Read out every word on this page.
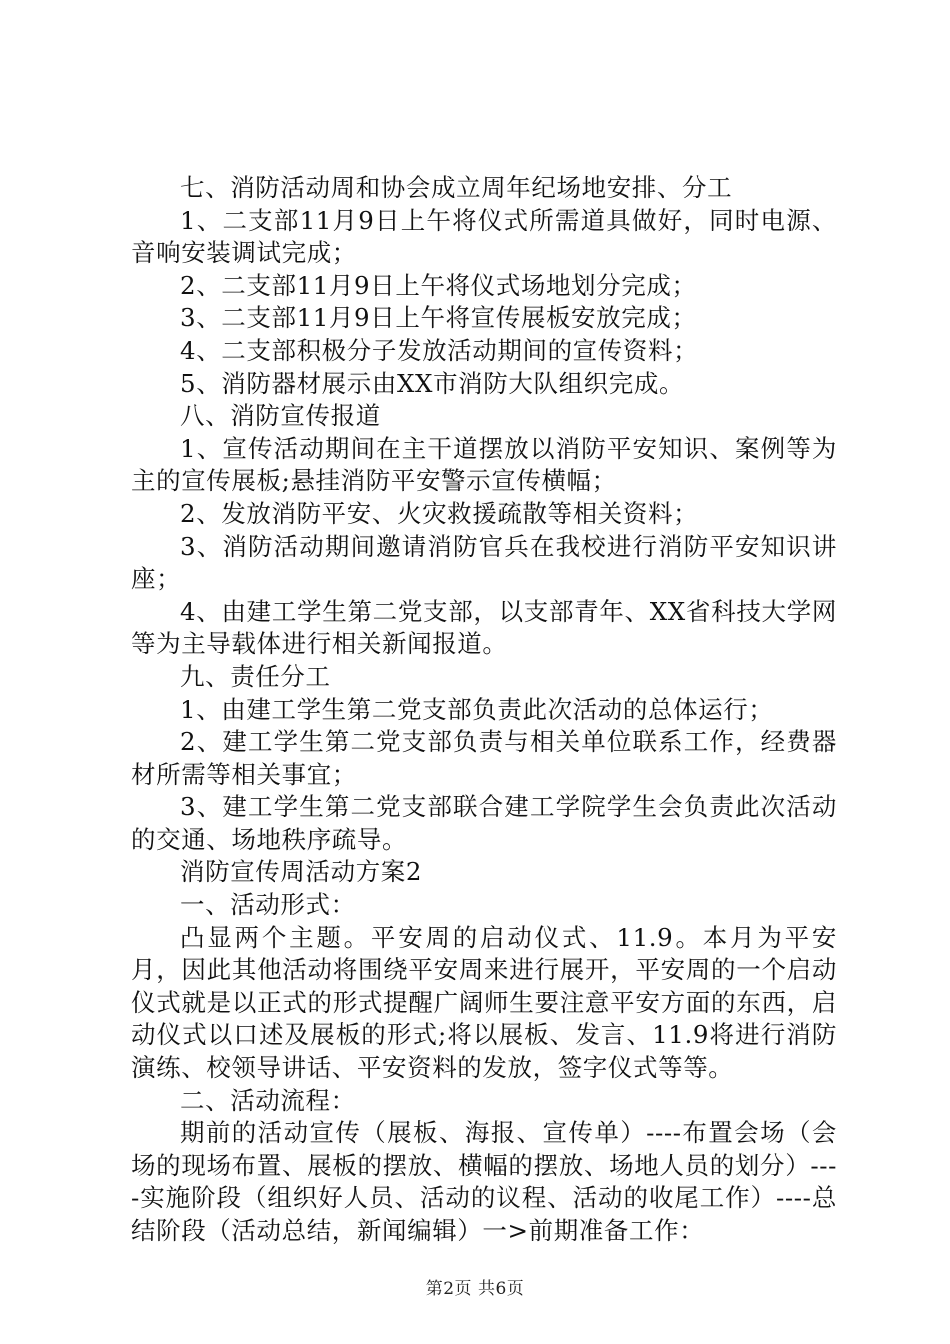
七、消防活动周和协会成立周年纪场地安排、分工

1、二支部11月9日上午将仪式所需道具做好，同时电源、音响安装调试完成；

2、二支部11月9日上午将仪式场地划分完成；

3、二支部11月9日上午将宣传展板安放完成；

4、二支部积极分子发放活动期间的宣传资料；

5、消防器材展示由XX市消防大队组织完成。

八、消防宣传报道

1、宣传活动期间在主干道摆放以消防平安知识、案例等为主的宣传展板;悬挂消防平安警示宣传横幅；

2、发放消防平安、火灾救援疏散等相关资料；

3、消防活动期间邀请消防官兵在我校进行消防平安知识讲座；

4、由建工学生第二党支部，以支部青年、XX省科技大学网等为主导载体进行相关新闻报道。

九、责任分工

1、由建工学生第二党支部负责此次活动的总体运行；

2、建工学生第二党支部负责与相关单位联系工作，经费器材所需等相关事宜；

3、建工学生第二党支部联合建工学院学生会负责此次活动的交通、场地秩序疏导。

消防宣传周活动方案2

一、活动形式：

凸显两个主题。平安周的启动仪式、11.9。本月为平安月，因此其他活动将围绕平安周来进行展开，平安周的一个启动仪式就是以正式的形式提醒广阔师生要注意平安方面的东西，启动仪式以口述及展板的形式;将以展板、发言、11.9将进行消防演练、校领导讲话、平安资料的发放，签字仪式等等。

二、活动流程：

期前的活动宣传（展板、海报、宣传单）----布置会场（会场的现场布置、展板的摆放、横幅的摆放、场地人员的划分）----实施阶段（组织好人员、活动的议程、活动的收尾工作）----总结阶段（活动总结，新闻编辑）一>前期准备工作：

第2页 共6页
